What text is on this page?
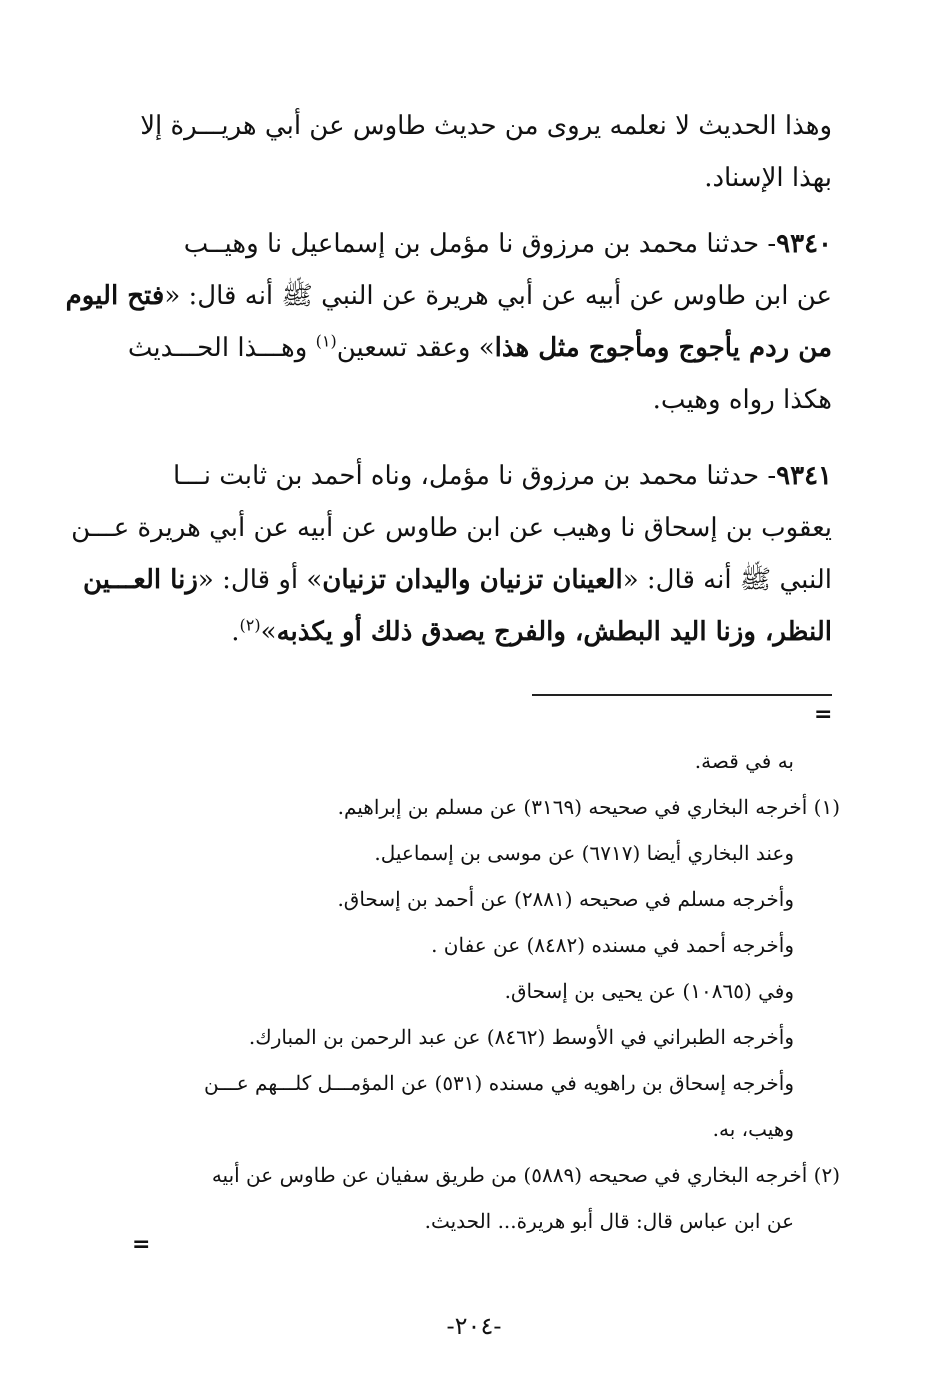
وهذا الحديث لا نعلمه يروى من حديث طاوس عن أبي هريـــرة إلا
بهذا الإسناد.
٩٣٤٠- حدثنا محمد بن مرزوق نا مؤمل بن إسماعيل نا وهيــب
عن ابن طاوس عن أبيه عن أبي هريرة عن النبي ﷺ أنه قال: «فتح اليوم
من ردم يأجوج ومأجوج مثل هذا» وعقد تسعين$^{(١)}$ وهـــذا الحـــديث
هكذا رواه وهيب.
٩٣٤١- حدثنا محمد بن مرزوق نا مؤمل، وناه أحمد بن ثابت نـــا
يعقوب بن إسحاق نا وهيب عن ابن طاوس عن أبيه عن أبي هريرة عـــن
النبي ﷺ أنه قال: «العينان تزنيان واليدان تزنيان» أو قال: «زنا العـــين
النظر، وزنا اليد البطش، والفرج يصدق ذلك أو يكذبه»$^{(٢)}$.
=
به في قصة.
(١) أخرجه البخاري في صحيحه (٣١٦٩) عن مسلم بن إبراهيم.
وعند البخاري أيضا (٦٧١٧) عن موسى بن إسماعيل.
وأخرجه مسلم في صحيحه (٢٨٨١) عن أحمد بن إسحاق.
وأخرجه أحمد في مسنده (٨٤٨٢) عن عفان .
وفي (١٠٨٦٥) عن يحيى بن إسحاق.
وأخرجه الطبراني في الأوسط (٨٤٦٢) عن عبد الرحمن بن المبارك.
وأخرجه إسحاق بن راهويه في مسنده (٥٣١) عن المؤمـــل كلـــهم عـــن
وهيب، به.
(٢) أخرجه البخاري في صحيحه (٥٨٨٩) من طريق سفيان عن طاوس عن أبيه
عن ابن عباس قال: قال أبو هريرة... الحديث.
=
-٢٠٤-
